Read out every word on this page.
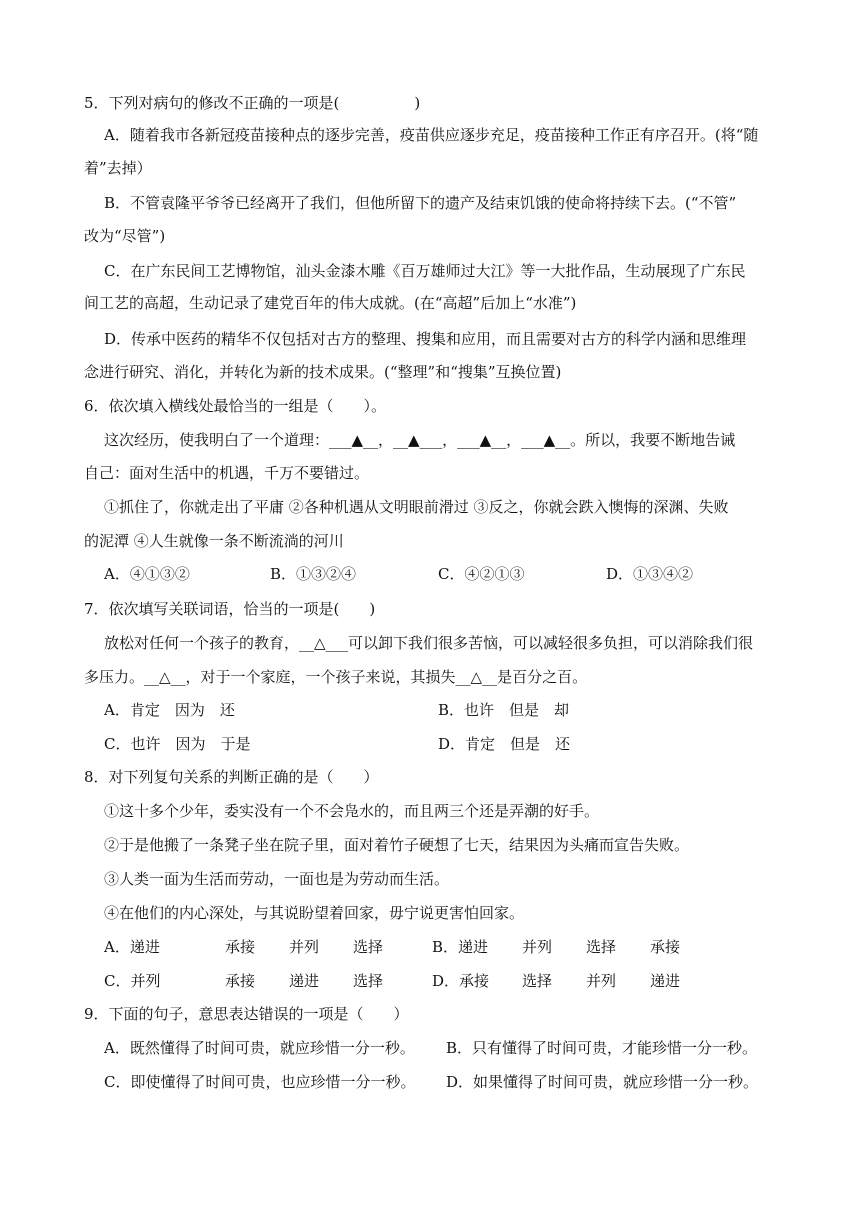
5．下列对病句的修改不正确的一项是(　　　　　)
A．随着我市各新冠疫苗接种点的逐步完善，疫苗供应逐步充足，疫苗接种工作正有序召开。(将“随
着”去掉）
B．不管袁隆平爷爷已经离开了我们，但他所留下的遗产及结束饥饿的使命将持续下去。(“不管”
改为“尽管”)
C．在广东民间工艺博物馆，汕头金漆木雕《百万雄师过大江》等一大批作品，生动展现了广东民
间工艺的高超，生动记录了建党百年的伟大成就。(在“高超”后加上“水准”)
D．传承中医药的精华不仅包括对古方的整理、搜集和应用，而且需要对古方的科学内涵和思维理
念进行研究、消化，并转化为新的技术成果。(“整理”和“搜集”互换位置)
6．依次填入横线处最恰当的一组是（　　）。
这次经历，使我明白了一个道理：___▲__，__▲___，___▲__，___▲__。所以，我要不断地告诫
自己：面对生活中的机遇，千万不要错过。
①抓住了，你就走出了平庸 ②各种机遇从文明眼前滑过 ③反之，你就会跌入懊悔的深渊、失败
的泥潭 ④人生就像一条不断流淌的河川
A．④①③②	B．①③②④	C．④②①③	D．①③④②
7．依次填写关联词语，恰当的一项是(　　)
放松对任何一个孩子的教育，__△___可以卸下我们很多苦恼，可以减轻很多负担，可以消除我们很
多压力。__△__，对于一个家庭，一个孩子来说，其损失__△__是百分之百。
A．肯定　因为　还	B．也许　但是　却
C．也许　因为　于是	D．肯定　但是　还
8．对下列复句关系的判断正确的是（　　）
①这十多个少年，委实没有一个不会凫水的，而且两三个还是弄潮的好手。
②于是他搬了一条凳子坐在院子里，面对着竹子硬想了七天，结果因为头痛而宣告失败。
③人类一面为生活而劳动，一面也是为劳动而生活。
④在他们的内心深处，与其说盼望着回家，毋宁说更害怕回家。
A．递进	承接	并列	选择	B．递进	并列	选择	承接
C．并列	承接	递进	选择	D．承接	选择	并列	递进
9．下面的句子，意思表达错误的一项是（　　）
A．既然懂得了时间可贵，就应珍惜一分一秒。	B．只有懂得了时间可贵，才能珍惜一分一秒。
C．即使懂得了时间可贵，也应珍惜一分一秒。	D．如果懂得了时间可贵，就应珍惜一分一秒。
